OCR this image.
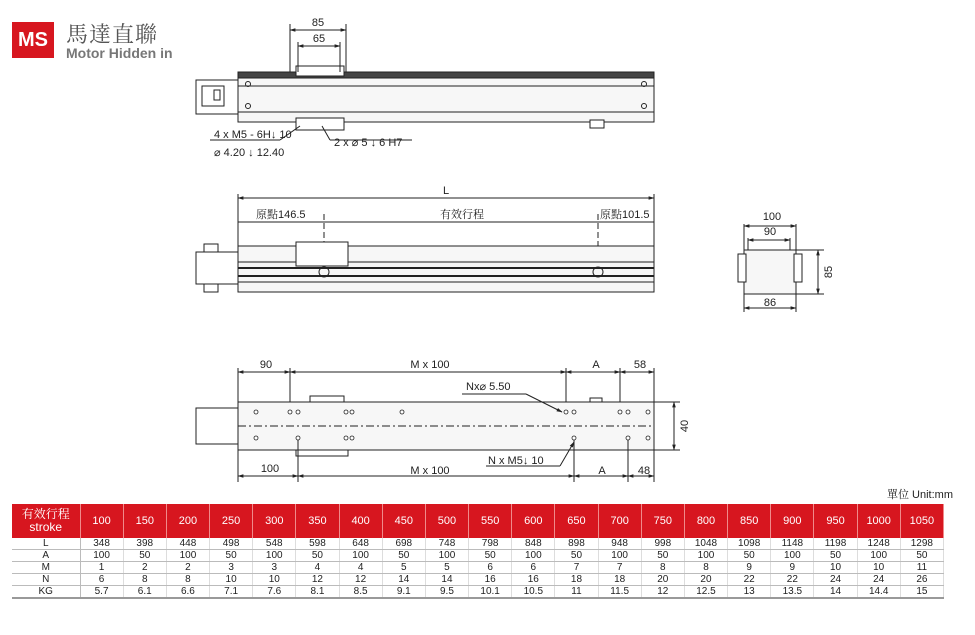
MS 馬達直聯
Motor Hidden in
85
65
4 x M5 - 6H↓ 10
⌀ 4.20 ↓ 12.40
2 x ⌀ 5 ↓ 6 H7
L
原點146.5	有效行程	原點101.5	100
90
85
86
90	M x 100	A	58
Nx⌀ 5.50
40
100	M x 100
N x M5↓ 10
A	48
單位 Unit:mm
有效行程
stroke	100	150	200	250	300	350	400	450	500	550	600	650	700	750	800	850	900	950	1000	1050
L	348	398	448	498	548	598	648	698	748	798	848	898	948	998	1048	1098	1148	1198	1248	1298
A	100	50	100	50	100	50	100	50	100	50	100	50	100	50	100	50	100	50	100	50
M	1	2	2	3	3	4	4	5	5	6	6	7	7	8	8	9	9	10	10	11
N	6	8	8	10	10	12	12	14	14	16	16	18	18	20	20	22	22	24	24	26
KG	5.7	6.1	6.6	7.1	7.6	8.1	8.5	9.1	9.5	10.1	10.5	11	11.5	12	12.5	13	13.5	14	14.4	15
